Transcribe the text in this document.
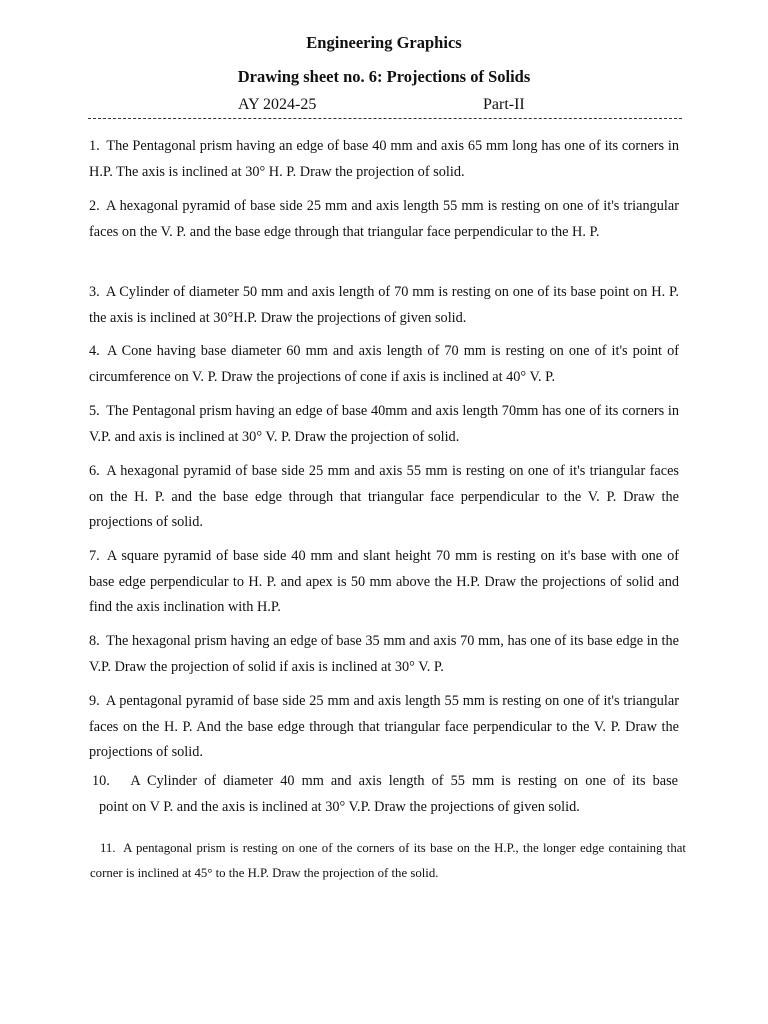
Engineering Graphics
Drawing sheet no. 6: Projections of Solids
AY 2024-25	Part-II

1. The Pentagonal prism having an edge of base 40 mm and axis 65 mm long has one of its corners in H.P. The axis is inclined at 30° H. P. Draw the projection of solid.

2. A hexagonal pyramid of base side 25 mm and axis length 55 mm is resting on one of it's triangular faces on the V. P. and the base edge through that triangular face perpendicular to the H. P.

3. A Cylinder of diameter 50 mm and axis length of 70 mm is resting on one of its base point on H. P. the axis is inclined at 30°H.P. Draw the projections of given solid.

4. A Cone having base diameter 60 mm and axis length of 70 mm is resting on one of it's point of circumference on V. P. Draw the projections of cone if axis is inclined at 40° V. P.

5. The Pentagonal prism having an edge of base 40mm and axis length 70mm has one of its corners in V.P. and axis is inclined at 30° V. P. Draw the projection of solid.

6. A hexagonal pyramid of base side 25 mm and axis 55 mm is resting on one of it's triangular faces on the H. P. and the base edge through that triangular face perpendicular to the V. P. Draw the projections of solid.

7. A square pyramid of base side 40 mm and slant height 70 mm is resting on it's base with one of base edge perpendicular to H. P. and apex is 50 mm above the H.P. Draw the projections of solid and find the axis inclination with H.P.

8. The hexagonal prism having an edge of base 35 mm and axis 70 mm, has one of its base edge in the V.P. Draw the projection of solid if axis is inclined at 30° V. P.

9. A pentagonal pyramid of base side 25 mm and axis length 55 mm is resting on one of it's triangular faces on the H. P. And the base edge through that triangular face perpendicular to the V. P. Draw the projections of solid.

10. A Cylinder of diameter 40 mm and axis length of 55 mm is resting on one of its base
point on V P. and the axis is inclined at 30° V.P. Draw the projections of given solid.

11. A pentagonal prism is resting on one of the corners of its base on the H.P., the longer edge containing that corner is inclined at 45° to the H.P. Draw the projection of the solid.
